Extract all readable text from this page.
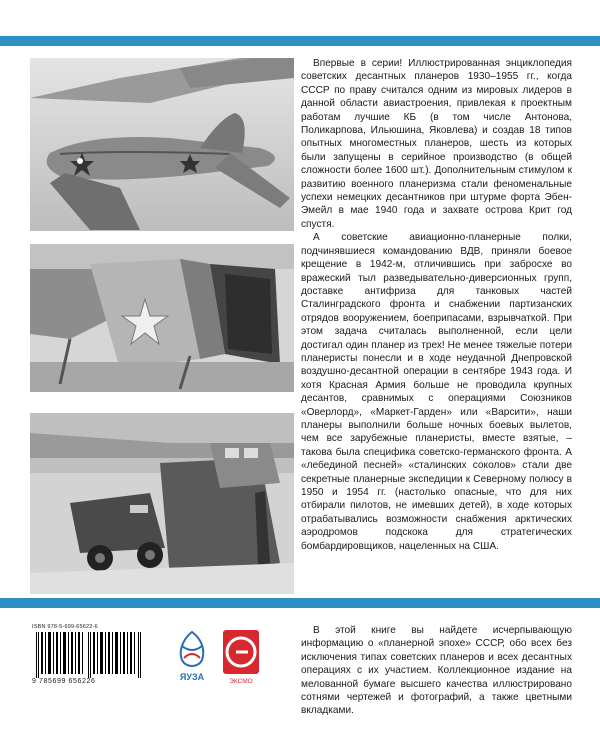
Впервые в серии! Иллюстрированная энциклопедия советских десантных планеров 1930–1955 гг., когда СССР по праву считался одним из мировых лидеров в данной области авиастроения, привлекая к проектным работам лучшие КБ (в том числе Антонова, Поликарпова, Ильюшина, Яковлева) и создав 18 типов опытных многоместных планеров, шесть из которых были запущены в серийное производство (в общей сложности более 1600 шт.). Дополнительным стимулом к развитию военного планеризма стали феноменальные успехи немецких десантников при штурме форта Эбен-Эмейл в мае 1940 года и захвате острова Крит год спустя.

А советские авиационно-планерные полки, подчинявшиеся командованию ВДВ, приняли боевое крещение в 1942-м, отличившись при забросхе во вражеский тыл разведывательно-диверсионных групп, доставке антифриза для танковых частей Сталинградского фронта и снабжении партизанских отрядов вооружением, боеприпасами, взрывчаткой. При этом задача считалась выполненной, если цели достигал один планер из трех! Не менее тяжелые потери планеристы понесли и в ходе неудачной Днепровской воздушно-десантной операции в сентябре 1943 года. И хотя Красная Армия больше не проводила крупных десантов, сравнимых с операциями Союзников «Оверлорд», «Маркет-Гарден» или «Варсити», наши планеры выполнили больше ночных боевых вылетов, чем все зарубежные планеристы, вместе взятые, – такова была специфика советско-германского фронта. А «лебединой песней» «сталинских соколов» стали две секретные планерные экспедиции к Северному полюсу в 1950 и 1954 гг. (настолько опасные, что для них отбирали пилотов, не имевших детей), в ходе которых отрабатывались возможности снабжения арктических аэродромов подскока для стратегических бомбардировщиков, нацеленных на США.

В этой книге вы найдете исчерпывающую информацию о «планерной эпохе» СССР, обо всех без исключения типах советских планеров и всех десантных операциях с их участием. Коллекционное издание на мелованной бумаге высшего качества иллюстрировано сотнями чертежей и фотографий, а также цветными вкладками.

ISBN 978-5-699-65622-6
9 785699 656226	ЯУЗА	ЭКСМО
